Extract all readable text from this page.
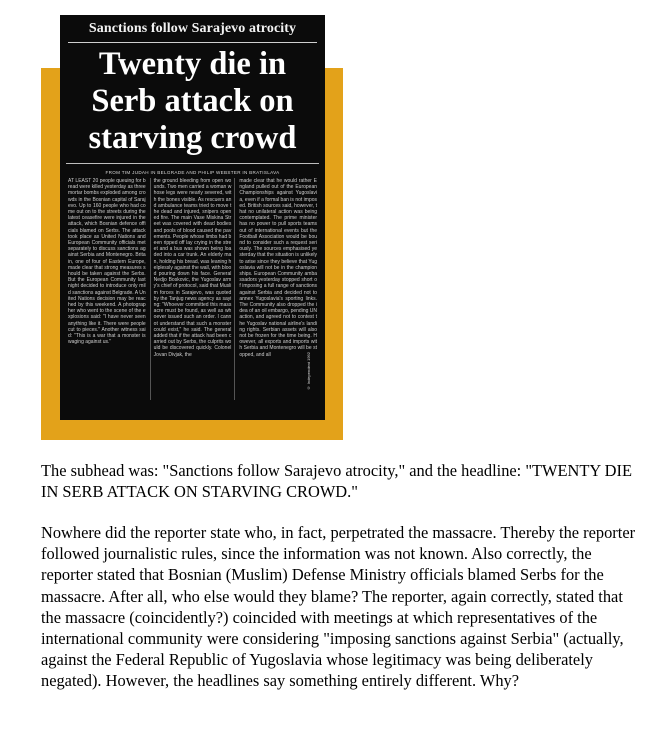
Sanctions follow Sarajevo atrocity
Twenty die in
Serb attack on
starving crowd
FROM TIM JUDAH IN BELGRADE AND PHILIP WEBSTER IN BRATISLAVA
AT LEAST 20 people queuing for bread were killed yesterday as three mortar bombs exploded among crowds in the Bosnian capital of Sarajevo. Up to 160 people who had come out on to the streets during the latest ceasefire were injured in the attack, which Bosnian defence officials blamed on Serbs. The attack took place as United Nations and European Community officials met separately to discuss sanctions against Serbia and Montenegro. Britain, one of four of Eastern Europe, made clear that strong measures should be taken against the Serbs. But the European Community last night decided to introduce only mild sanctions against Belgrade. A United Nations decision may be reached by this weekend. A photographer who went to the scene of the explosions said: "I have never seen anything like it. There were people cut to pieces." Another witness said: "This is a war that a monster is waging against us."
the ground bleeding from open wounds. Two men carried a woman whose legs were nearly severed, with the bones visible. As rescuers and ambulance teams tried to move the dead and injured, snipers opened fire. The main Vase Miskina Street was covered with dead bodies and pools of blood caused the pavements. People whose limbs had been ripped off lay crying in the street and a bus was shown being loaded into a car trunk. An elderly man, holding his bread, was leaning helplessly against the wall, with blood pouring down his face. General Nedjo Boskovic, the Yugoslav army's chief of protocol, said that Muslim forces in Sarajevo, was quoted by the Tanjug news agency as saying: "Whoever committed this massacre must be found, as well as whoever issued such an order. I cannot understand that such a monster could exist," he said. The general added that if the attack had been carried out by Serbs, the culprits would be discovered quickly. Colonel Jovan Divjak, the
made clear that he would rather England pulled out of the European Championships against Yugoslavia, even if a formal ban is not imposed. British sources said, however, that no unilateral action was being contemplated. The prime minister has no power to pull sports teams out of international events but the Football Association would be bound to consider such a request seriously. The sources emphasised yesterday that the situation is unlikely to arise since they believe that Yugoslavia will not be in the championships. European Community ambassadors yesterday stopped short of imposing a full range of sanctions against Serbia and decided not to annex Yugoslavia's sporting links. The Community also dropped the idea of an oil embargo, pending UN action, and agreed not to contest the Yugoslav national airline's landing rights. Serbian assets will also not be frozen for the time being. However, all exports and imports with Serbia and Montenegro will be stopped, and all	© Independent 1992

The subhead was: "Sanctions follow Sarajevo atrocity," and the headline: "TWENTY DIE IN SERB ATTACK ON STARVING CROWD."

Nowhere did the reporter state who, in fact, perpetrated the massacre. Thereby the reporter followed journalistic rules, since the information was not known. Also correctly, the reporter stated that Bosnian (Muslim) Defense Ministry officials blamed Serbs for the massacre. After all, who else would they blame? The reporter, again correctly, stated that the massacre (coincidently?) coincided with meetings at which representatives of the international community were considering "imposing sanctions against Serbia" (actually, against the Federal Republic of Yugoslavia whose legitimacy was being deliberately negated). However, the headlines say something entirely different. Why?
